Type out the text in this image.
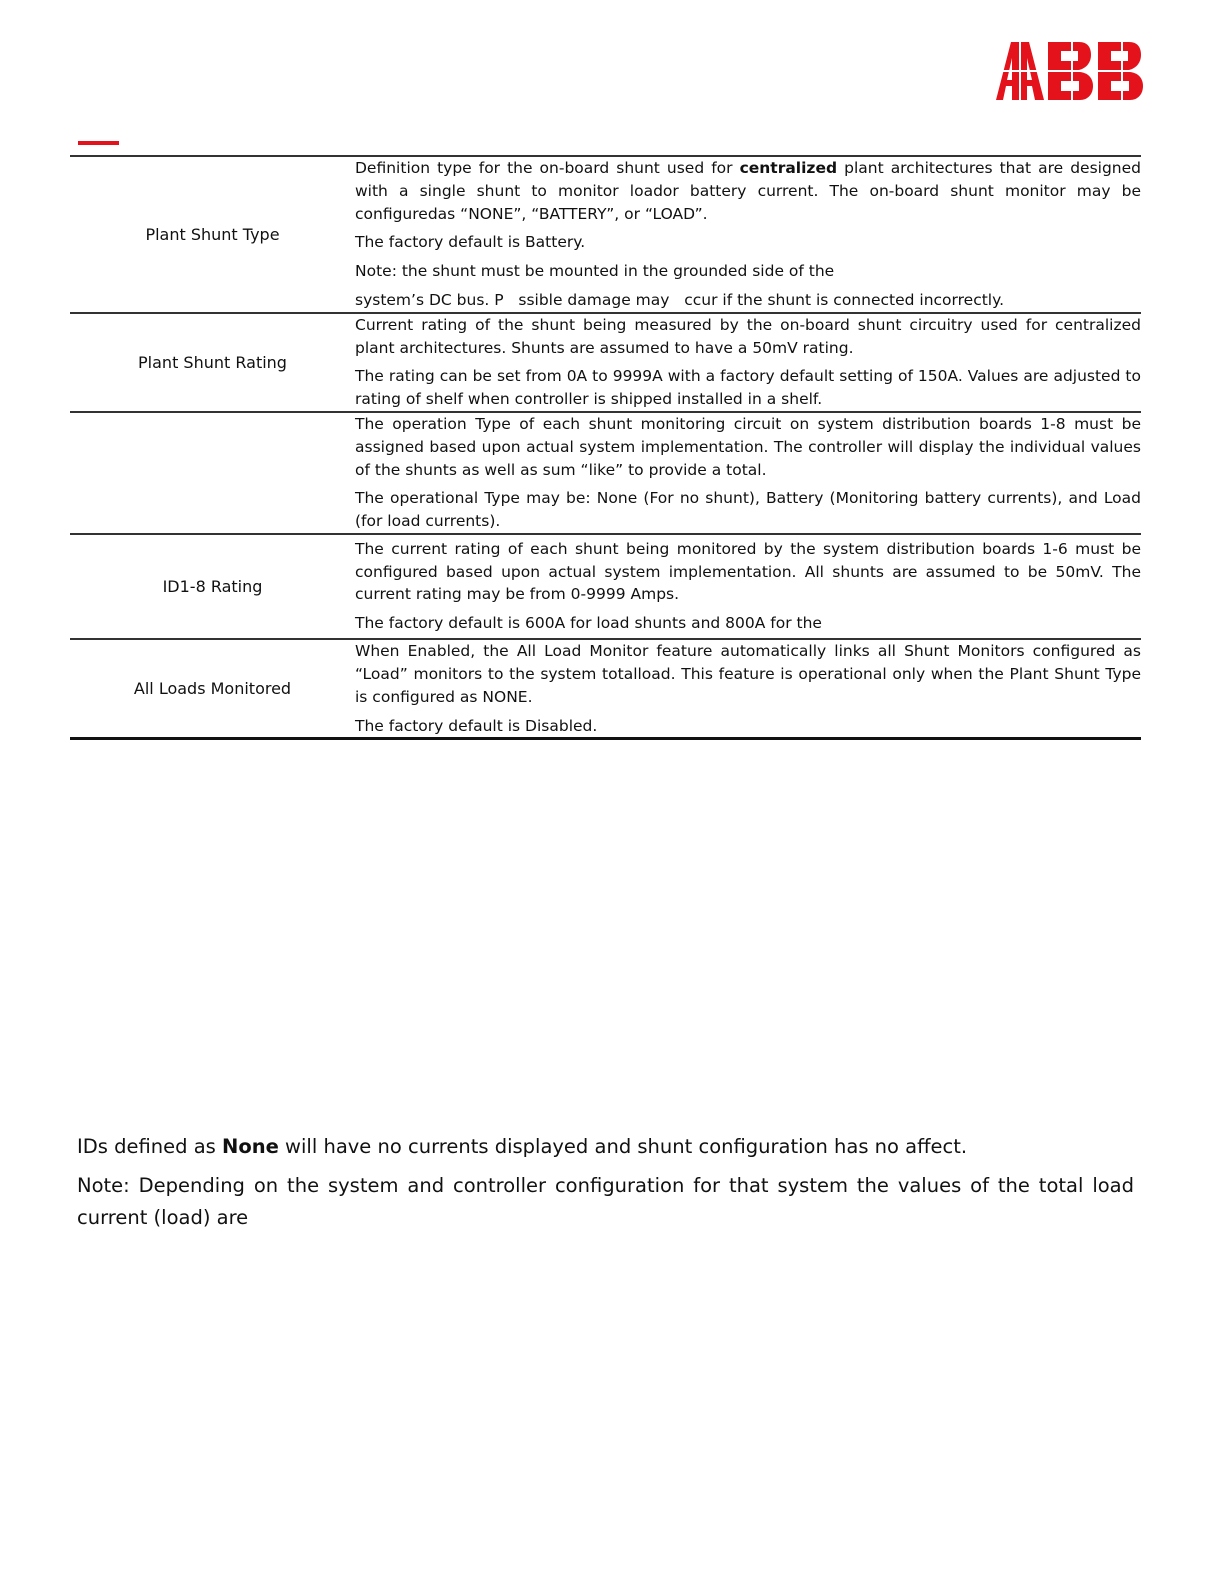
Plant Shunt Type	Definition type for the on-board shunt used for centralized plant architectures that are designed with a single shunt to monitor loador battery current. The on-board shunt monitor may be configuredas “NONE”, “BATTERY”, or “LOAD”.

The factory default is Battery.

Note: the shunt must be mounted in the grounded side of the

system’s DC bus. P   ssible damage may   ccur if the shunt is connected incorrectly.

Plant Shunt Rating	Current rating of the shunt being measured by the on-board shunt circuitry used for centralized plant architectures. Shunts are assumed to have a 50mV rating.

The rating can be set from 0A to 9999A with a factory default setting of 150A. Values are adjusted to rating of shelf when controller is shipped installed in a shelf.

	The operation Type of each shunt monitoring circuit on system distribution boards 1-8 must be assigned based upon actual system implementation. The controller will display the individual values of the shunts as well as sum “like” to provide a total.

The operational Type may be: None (For no shunt), Battery (Monitoring battery currents), and Load (for load currents).

ID1-8 Rating	The current rating of each shunt being monitored by the system distribution boards 1-6 must be configured based upon actual system implementation. All shunts are assumed to be 50mV. The current rating may be from 0-9999 Amps.

The factory default is 600A for load shunts and 800A for the

All Loads Monitored	When Enabled, the All Load Monitor feature automatically links all Shunt Monitors configured as “Load” monitors to the system totalload. This feature is operational only when the Plant Shunt Type is configured as NONE.

The factory default is Disabled.

IDs defined as None will have no currents displayed and shunt configuration has no affect.

Note: Depending on the system and controller configuration for that system the values of the total load current (load) are
